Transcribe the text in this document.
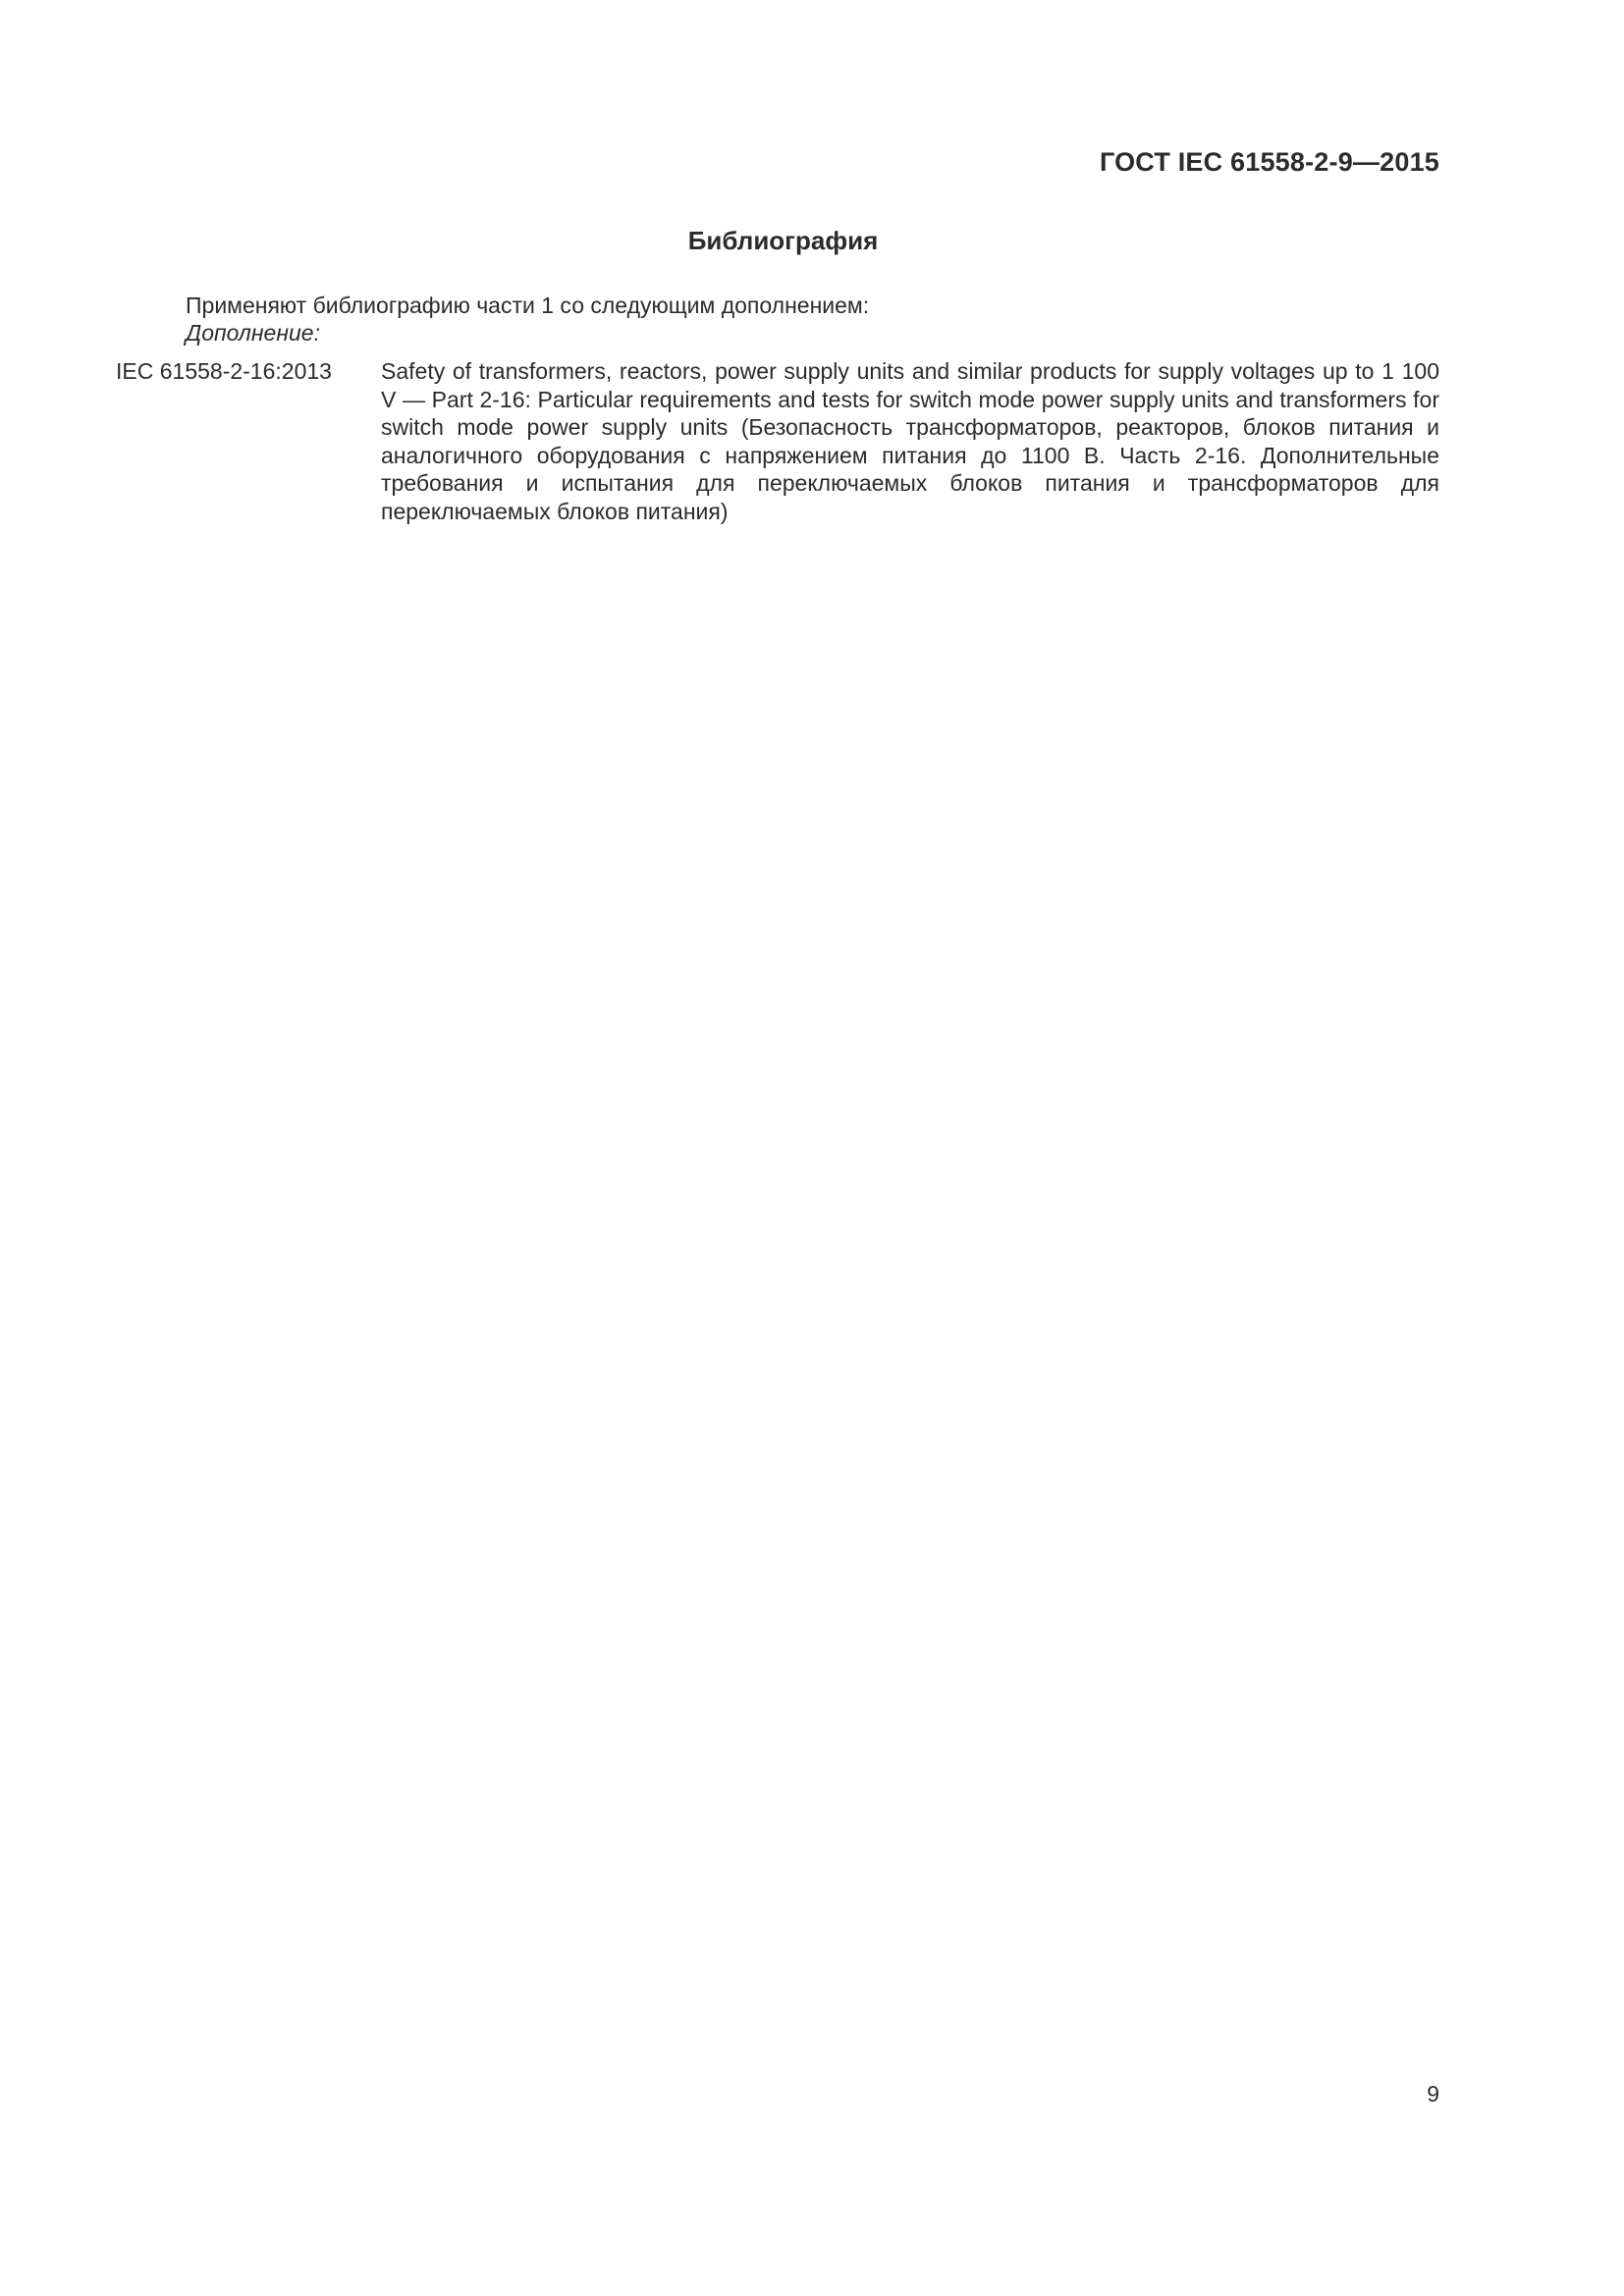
ГОСТ IEC 61558-2-9—2015
Библиография
Применяют библиографию части 1 со следующим дополнением:
Дополнение:
IEC 61558-2-16:2013 Safety of transformers, reactors, power supply units and similar products for supply voltages up to 1 100 V — Part 2-16: Particular requirements and tests for switch mode power supply units and transformers for switch mode power supply units (Безопасность трансформаторов, реакторов, блоков питания и аналогичного оборудования с напряжением питания до 1100 В. Часть 2-16. Дополнительные требования и испытания для переключаемых блоков питания и трансформаторов для переключаемых блоков питания)
9
